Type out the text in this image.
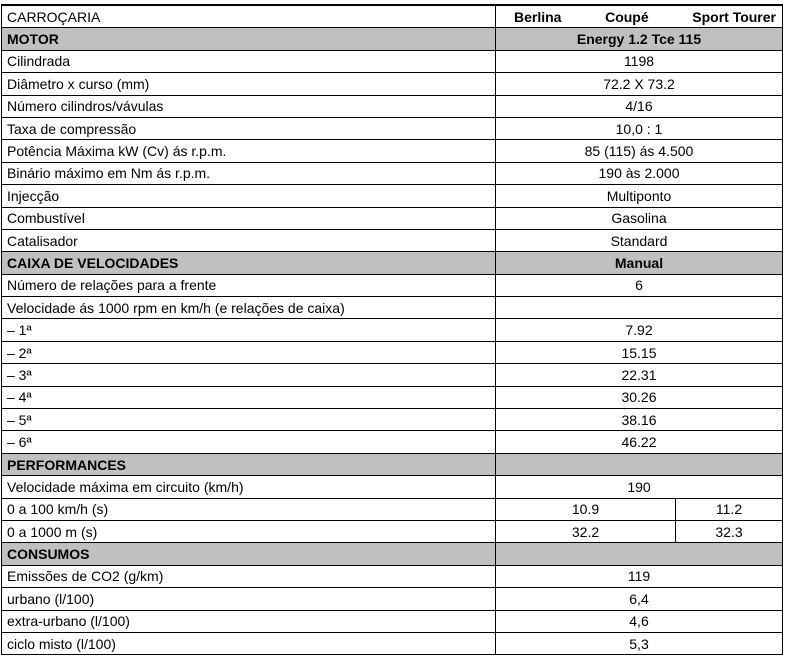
CARROÇARIA	Berlina Coupé Sport Tourer	

MOTOR	Energy 1.2 Tce 115	
Cilindrada	1198	
Diâmetro x curso (mm)	72.2 X 73.2	
Número cilindros/vávulas	4/16	
Taxa de compressão	10,0 : 1	
Potência Máxima kW (Cv) ás r.p.m.	85 (115) ás 4.500	
Binário máximo em Nm ás r.p.m.	190 às 2.000	
Injecção	Multiponto	
Combustível	Gasolina	
Catalisador	Standard	
CAIXA DE VELOCIDADES	Manual	
Número de relações para a frente	6	
Velocidade ás 1000 rpm en km/h (e relações de caixa)		
– 1ª	7.92	
– 2ª	15.15	
– 3ª	22.31	
– 4ª	30.26	
– 5ª	38.16	
– 6ª	46.22	
PERFORMANCES		
Velocidade máxima em circuito (km/h)	190	
0 a 100 km/h (s)	10.9	11.2
0 a 1000 m (s)	32.2	32.3
CONSUMOS		
Emissões de CO2 (g/km)	119	
urbano (l/100)	6,4	
extra-urbano (l/100)	4,6	
ciclo misto (l/100)	5,3	
